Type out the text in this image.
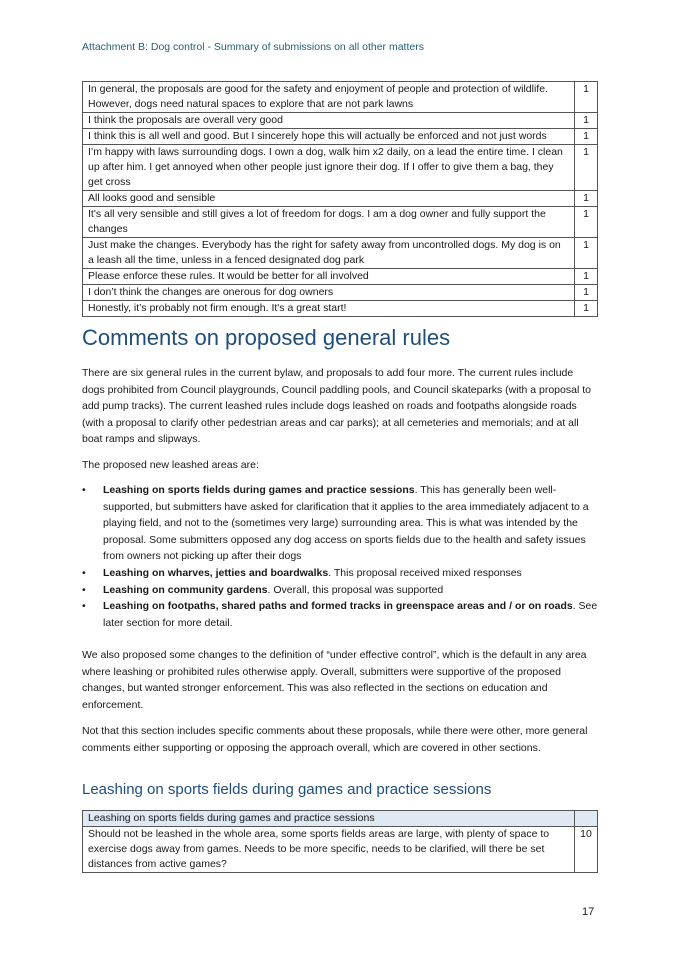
Attachment B: Dog control - Summary of submissions on all other matters
In general, the proposals are good for the safety and enjoyment of people and protection of wildlife. However, dogs need natural spaces to explore that are not park lawns	1
I think the proposals are overall very good	1
I think this is all well and good. But I sincerely hope this will actually be enforced and not just words	1
I’m happy with laws surrounding dogs. I own a dog, walk him x2 daily, on a lead the entire time. I clean up after him. I get annoyed when other people just ignore their dog. If I offer to give them a bag, they get cross	1
All looks good and sensible	1
It's all very sensible and still gives a lot of freedom for dogs. I am a dog owner and fully support the changes	1
Just make the changes. Everybody has the right for safety away from uncontrolled dogs. My dog is on a leash all the time, unless in a fenced designated dog park	1
Please enforce these rules. It would be better for all involved	1
I don’t think the changes are onerous for dog owners	1
Honestly, it’s probably not firm enough. It's a great start!	1
Comments on proposed general rules

There are six general rules in the current bylaw, and proposals to add four more. The current rules include dogs prohibited from Council playgrounds, Council paddling pools, and Council skateparks (with a proposal to add pump tracks). The current leashed rules include dogs leashed on roads and footpaths alongside roads (with a proposal to clarify other pedestrian areas and car parks); at all cemeteries and memorials; and at all boat ramps and slipways.

The proposed new leashed areas are:

• Leashing on sports fields during games and practice sessions. This has generally been well-supported, but submitters have asked for clarification that it applies to the area immediately adjacent to a playing field, and not to the (sometimes very large) surrounding area. This is what was intended by the proposal. Some submitters opposed any dog access on sports fields due to the health and safety issues from owners not picking up after their dogs
• Leashing on wharves, jetties and boardwalks. This proposal received mixed responses
• Leashing on community gardens. Overall, this proposal was supported
• Leashing on footpaths, shared paths and formed tracks in greenspace areas and / or on roads. See later section for more detail.

We also proposed some changes to the definition of “under effective control”, which is the default in any area where leashing or prohibited rules otherwise apply. Overall, submitters were supportive of the proposed changes, but wanted stronger enforcement. This was also reflected in the sections on education and enforcement.

Not that this section includes specific comments about these proposals, while there were other, more general comments either supporting or opposing the approach overall, which are covered in other sections.

Leashing on sports fields during games and practice sessions
Leashing on sports fields during games and practice sessions	
Should not be leashed in the whole area, some sports fields areas are large, with plenty of space to exercise dogs away from games. Needs to be more specific, needs to be clarified, will there be set distances from active games?	10
17
